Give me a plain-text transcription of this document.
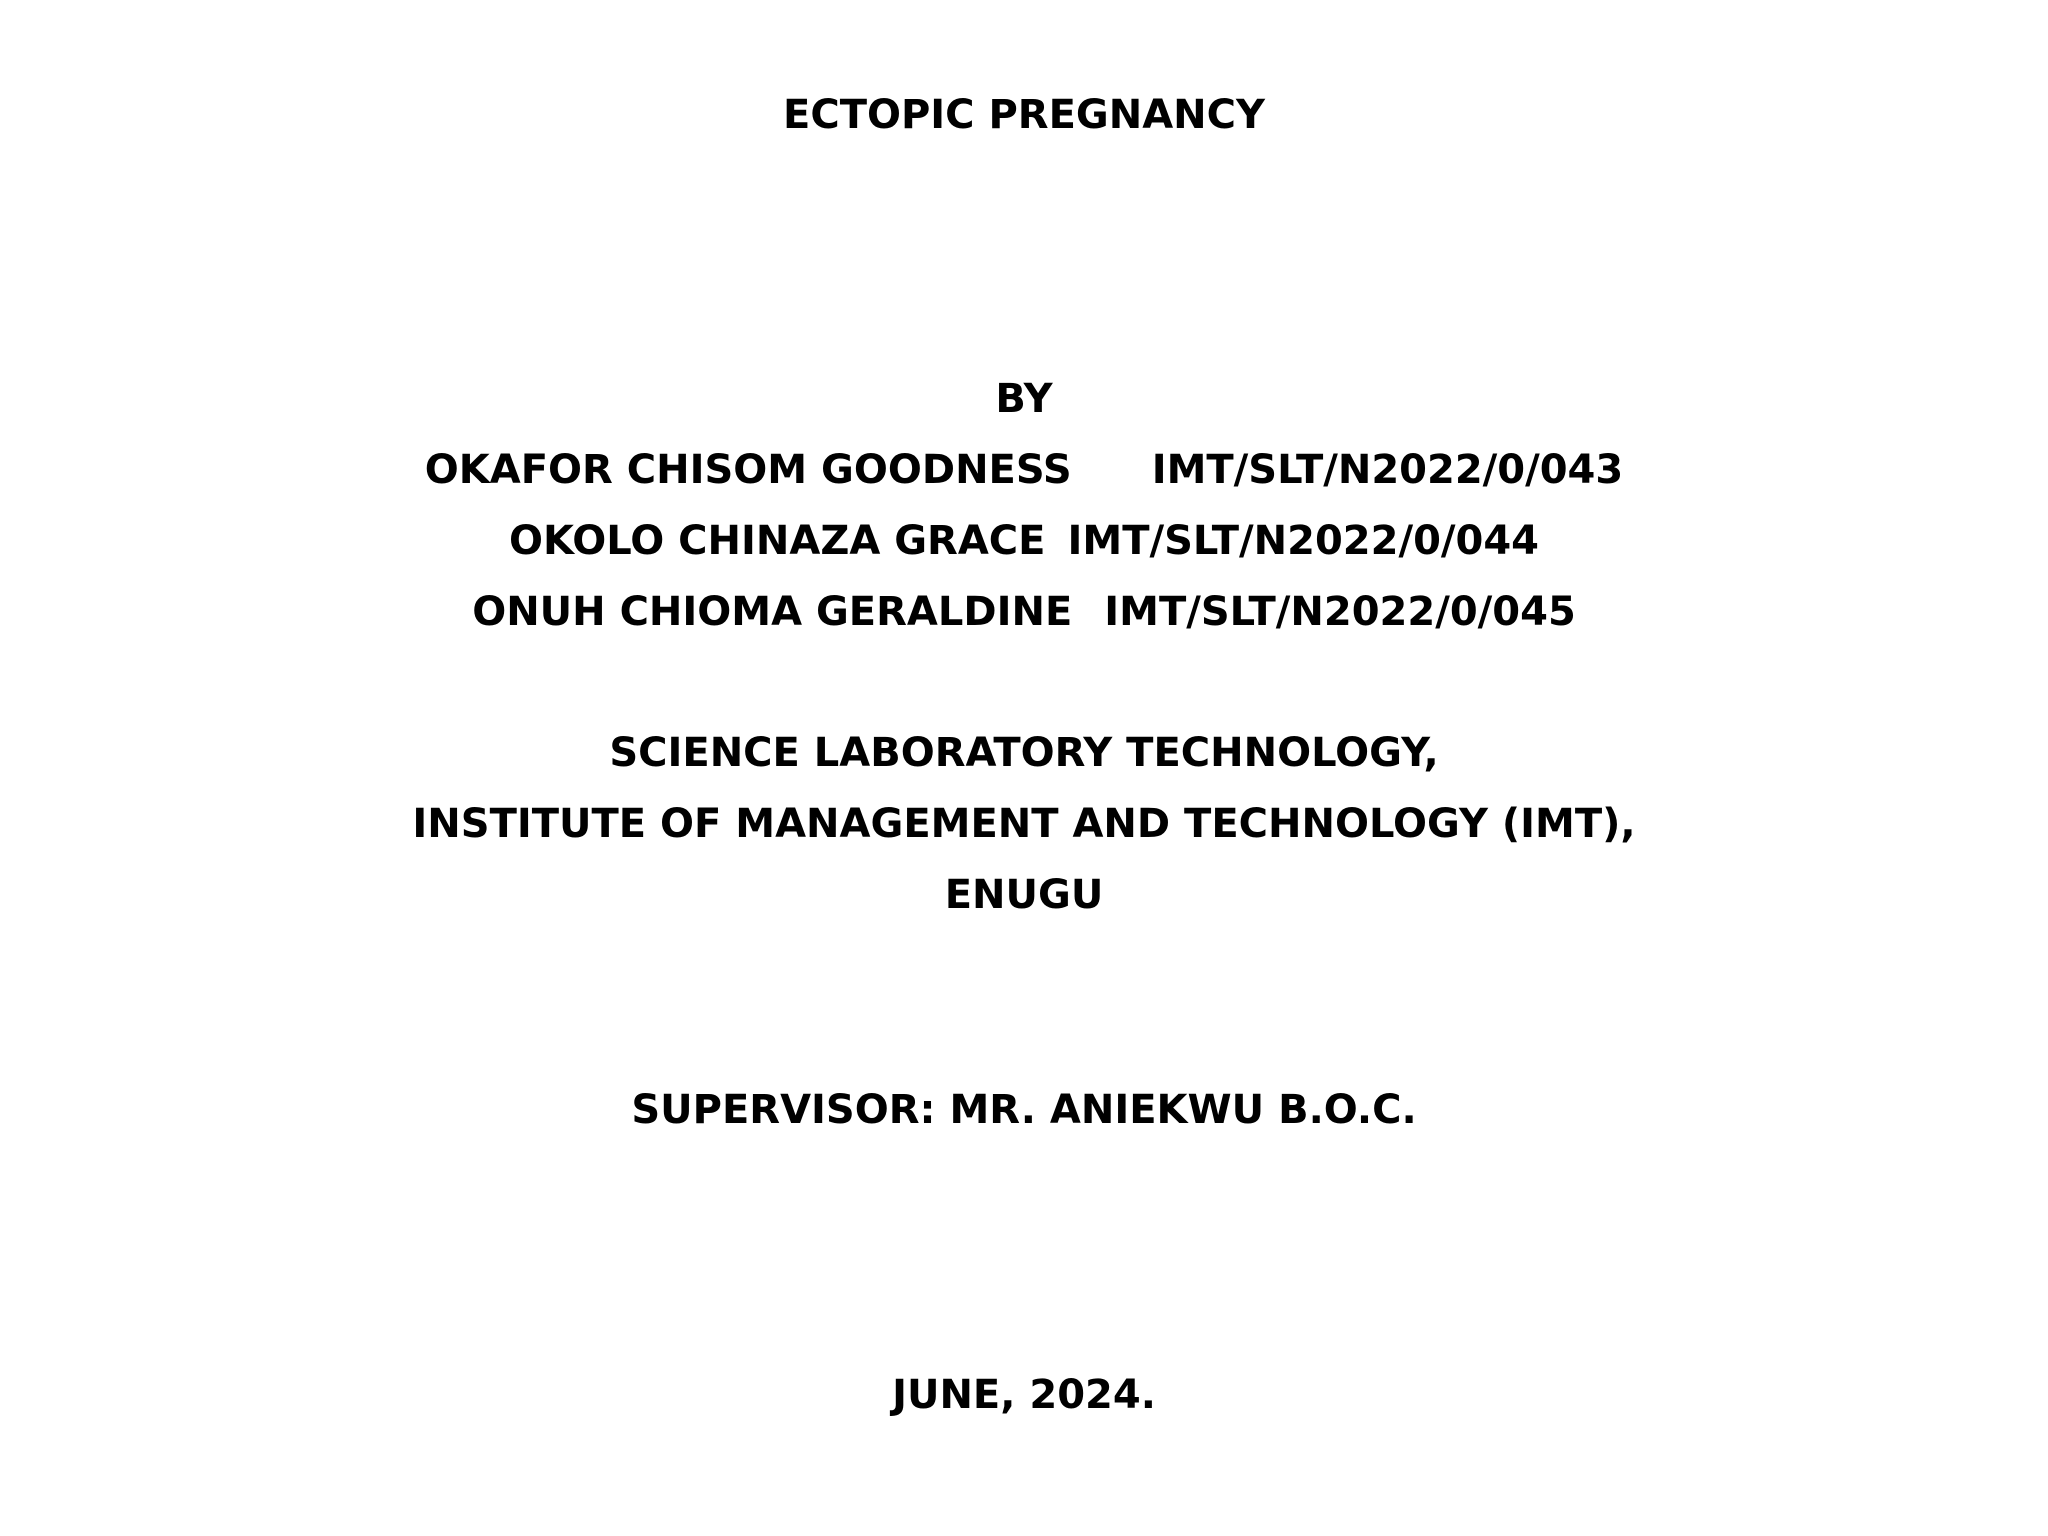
ECTOPIC PREGNANCY
BY
OKAFOR CHISOM GOODNESS IMT/SLT/N2022/0/043
OKOLO CHINAZA GRACE IMT/SLT/N2022/0/044
ONUH CHIOMA GERALDINE IMT/SLT/N2022/0/045
SCIENCE LABORATORY TECHNOLOGY,
INSTITUTE OF MANAGEMENT AND TECHNOLOGY (IMT),
ENUGU
SUPERVISOR: MR. ANIEKWU B.O.C.
JUNE, 2024.
